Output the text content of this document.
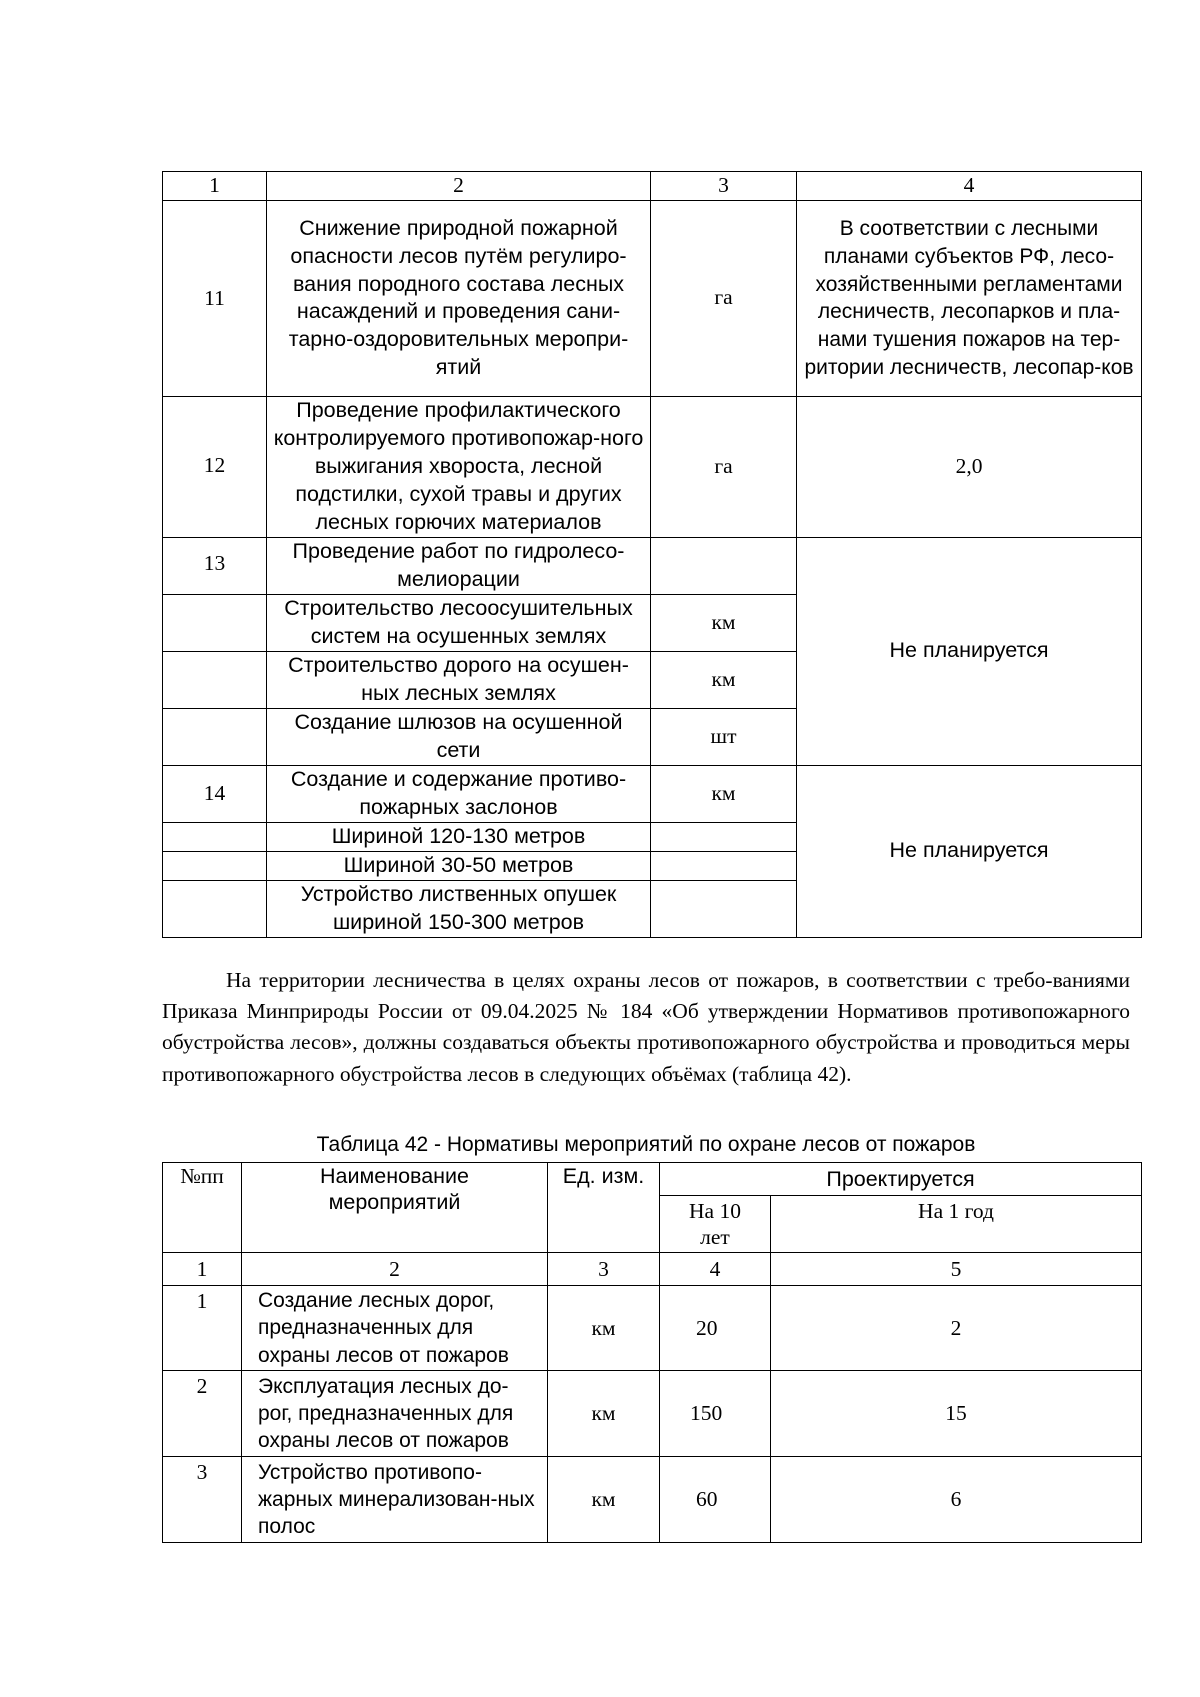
1	2	3	4
11	Снижение природной пожарной опасности лесов путём регулиро-вания породного состава лесных насаждений и проведения сани-тарно-оздоровительных меропри-ятий	га	В соответствии с лесными планами субъектов РФ, лесо-хозяйственными регламентами лесничеств, лесопарков и пла-нами тушения пожаров на тер-ритории лесничеств, лесопар-ков
12	Проведение профилактического контролируемого противопожар-ного выжигания хвороста, лесной подстилки, сухой травы и других лесных горючих материалов	га	2,0
13	Проведение работ по гидролесо-мелиорации		Не планируется
	Строительство лесоосушительных систем на осушенных землях	км	
	Строительство дорого на осушен-ных лесных землях	км	
	Создание шлюзов на осушенной сети	шт	
14	Создание и содержание противо-пожарных заслонов	км	Не планируется
	Шириной 120-130 метров		
	Шириной 30-50 метров		
	Устройство лиственных опушек шириной 150-300 метров		
На территории лесничества в целях охраны лесов от пожаров, в соответствии с требо-ваниями Приказа Минприроды России от 09.04.2025 № 184 «Об утверждении Нормативов противопожарного обустройства лесов», должны создаваться объекты противопожарного обустройства и проводиться меры противопожарного обустройства лесов в следующих объёмах (таблица 42).
Таблица 42 - Нормативы мероприятий по охране лесов от пожаров
№пп	Наименование мероприятий	Ед. изм.	Проектируется	
			На 10 лет	На 1 год
1	2	3	4	5
1	Создание лесных дорог, предназначенных для охраны лесов от пожаров	км	20	2
2	Эксплуатация лесных до-рог, предназначенных для охраны лесов от пожаров	км	150	15
3	Устройство противопо-жарных минерализован-ных полос	км	60	6
